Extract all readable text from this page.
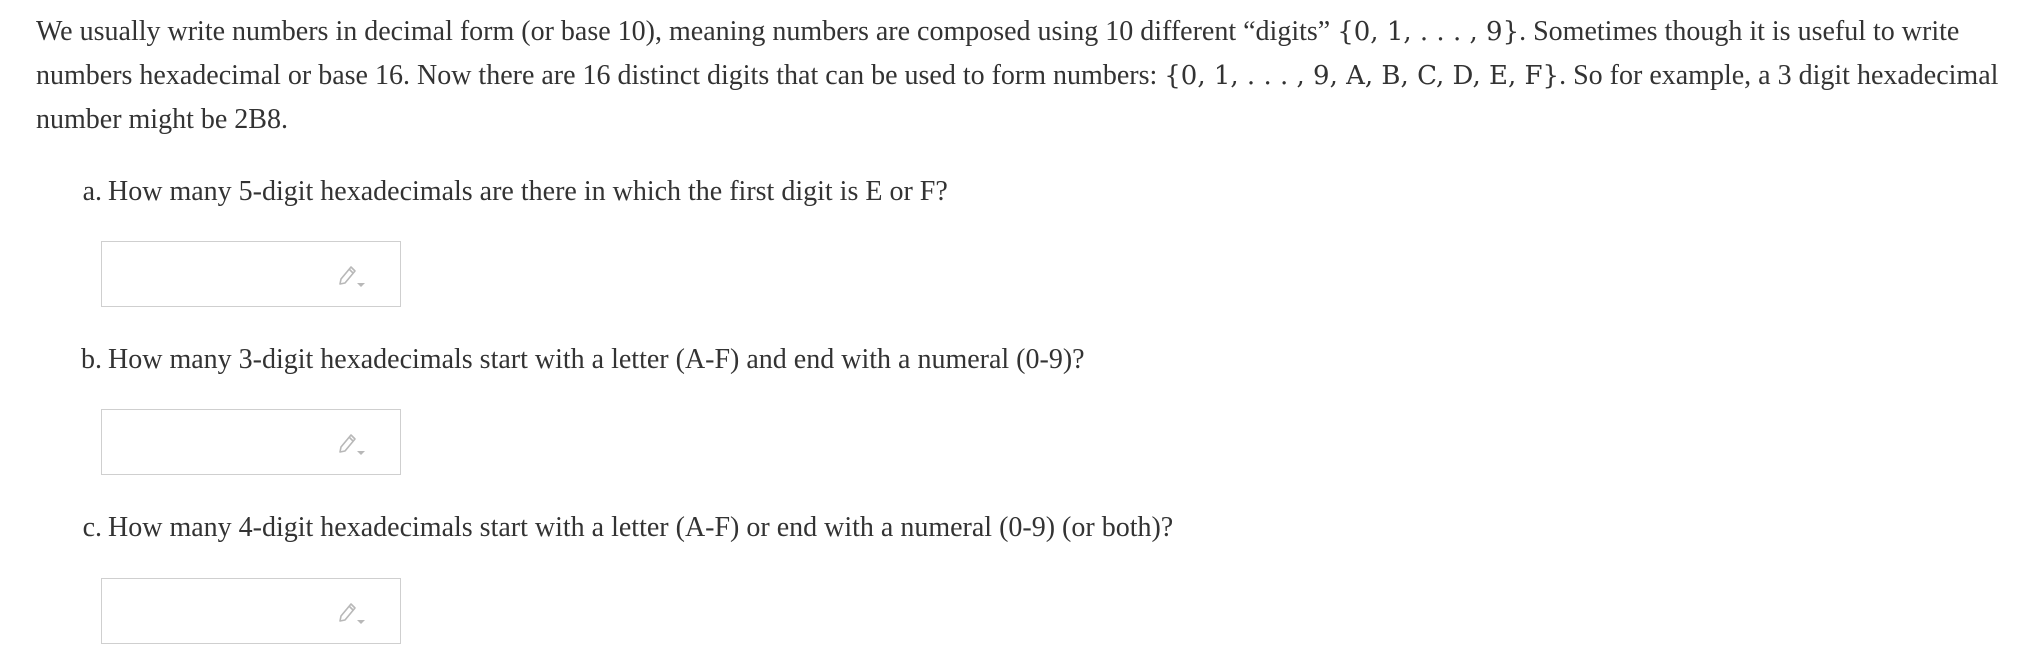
We usually write numbers in decimal form (or base 10), meaning numbers are composed using 10 different “digits” {0, 1, . . . , 9}. Sometimes though it is useful to write numbers hexadecimal or base 16. Now there are 16 distinct digits that can be used to form numbers: {0, 1, . . . , 9, A, B, C, D, E, F}. So for example, a 3 digit hexadecimal number might be 2B8.

a. How many 5-digit hexadecimals are there in which the first digit is E or F?

b. How many 3-digit hexadecimals start with a letter (A-F) and end with a numeral (0-9)?

c. How many 4-digit hexadecimals start with a letter (A-F) or end with a numeral (0-9) (or both)?
